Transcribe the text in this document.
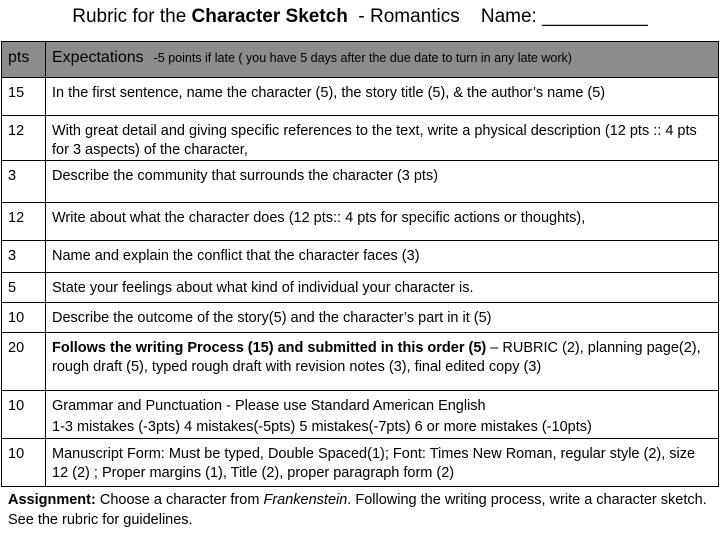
Rubric for the Character Sketch  - Romantics    Name: __________
pts	Expectations -5 points if late ( you have 5 days after the due date to turn in any late work)
15	In the first sentence, name the character (5), the story title (5), & the author’s name (5)
12	With great detail and giving specific references to the text, write a physical description (12 pts :: 4 pts for 3 aspects) of the character,
3	Describe the community that surrounds the character (3 pts)
12	Write about what the character does (12 pts:: 4 pts for specific actions or thoughts),
3	Name and explain the conflict that the character faces (3)
5	State your feelings about what kind of individual your character is.
10	Describe the outcome of the story(5) and the character’s part in it (5)
20	Follows the writing Process (15) and submitted in this order (5) – RUBRIC (2), planning page(2), rough draft (5), typed rough draft with revision notes (3), final edited copy (3)
10	Grammar and Punctuation - Please use Standard American English
1-3 mistakes (-3pts) 4 mistakes(-5pts) 5 mistakes(-7pts) 6 or more mistakes (-10pts)

10	Manuscript Form: Must be typed, Double Spaced(1); Font: Times New Roman, regular style (2), size 12 (2) ; Proper margins (1), Title (2), proper paragraph form (2)
Assignment: Choose a character from Frankenstein. Following the writing process, write a character sketch. See the rubric for guidelines.
